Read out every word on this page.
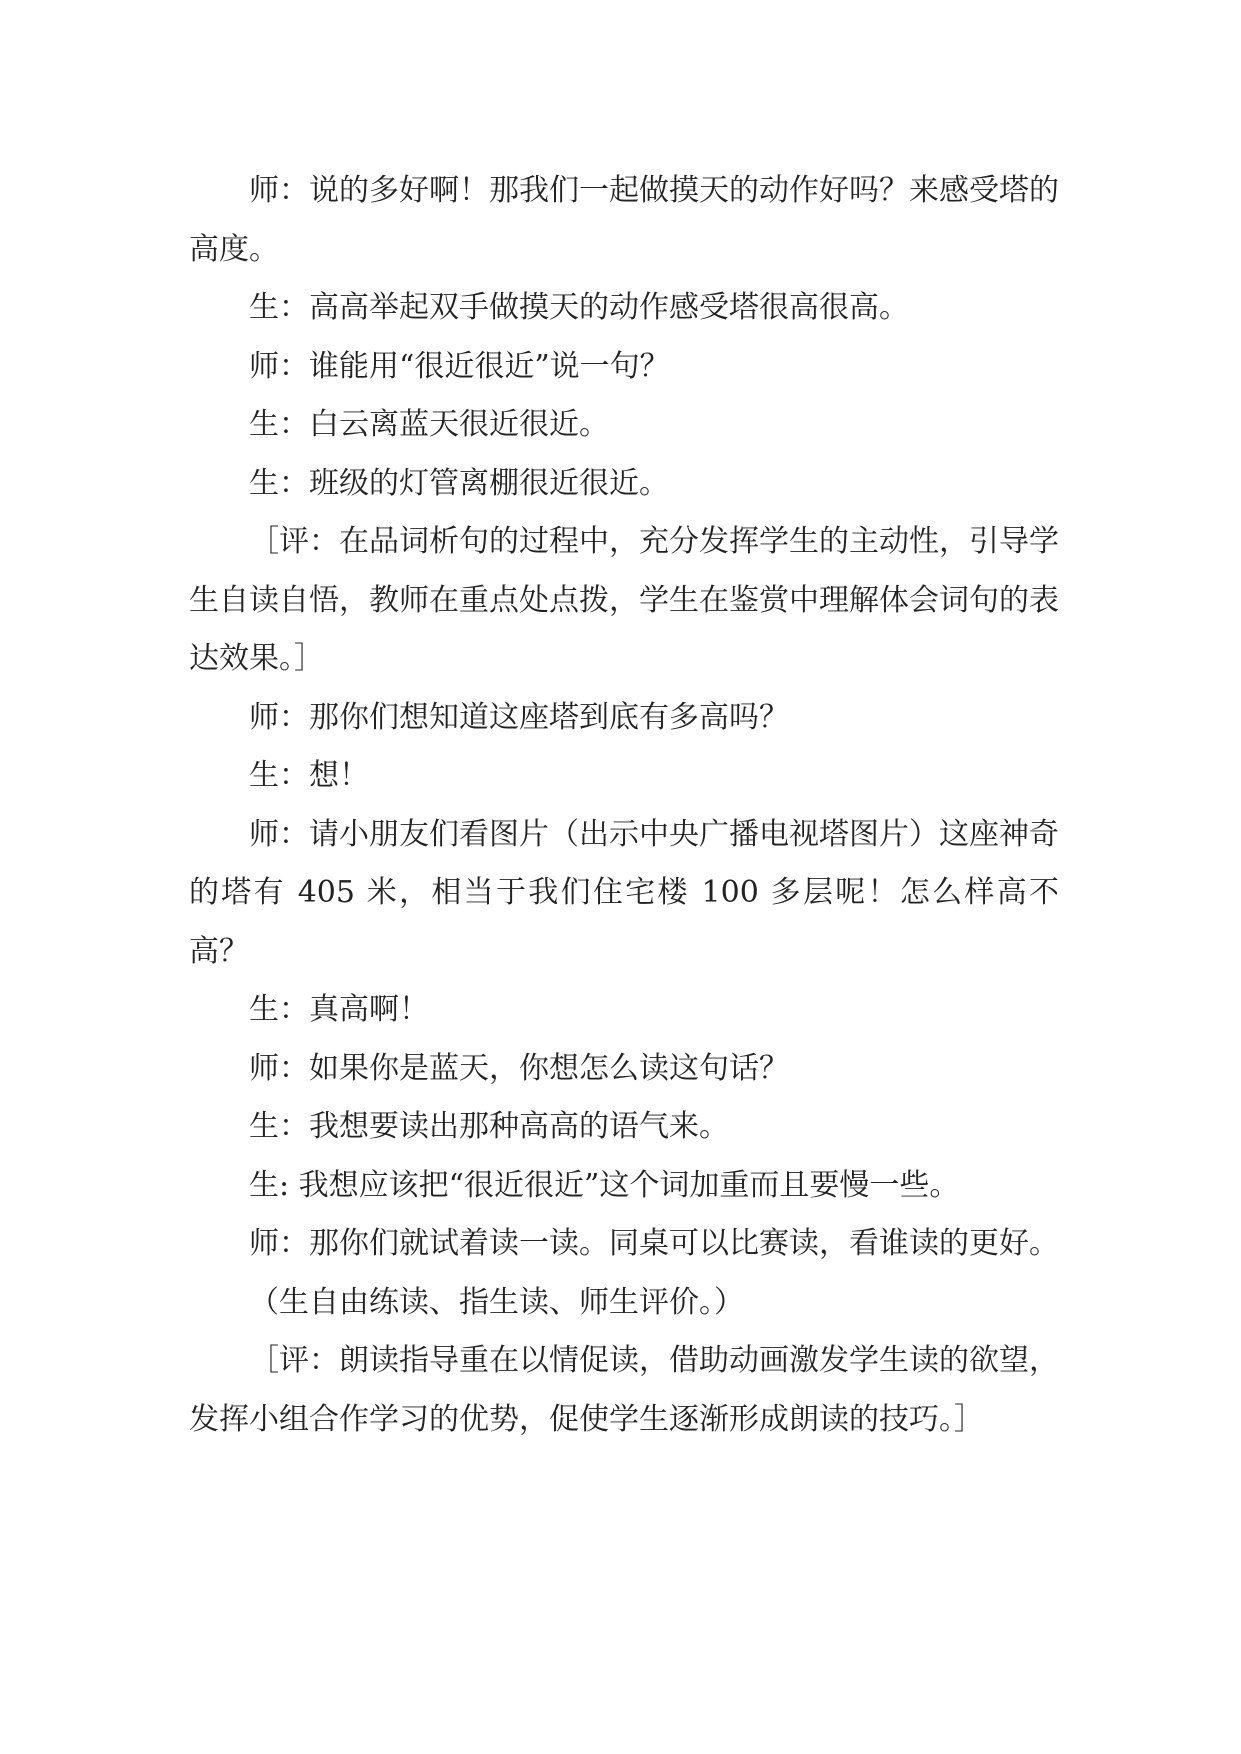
师：说的多好啊！那我们一起做摸天的动作好吗？来感受塔的高度。

生：高高举起双手做摸天的动作感受塔很高很高。

师：谁能用“很近很近”说一句？

生：白云离蓝天很近很近。

生：班级的灯管离棚很近很近。

［评：在品词析句的过程中，充分发挥学生的主动性，引导学生自读自悟，教师在重点处点拨，学生在鉴赏中理解体会词句的表达效果。］

师：那你们想知道这座塔到底有多高吗？

生：想！

师：请小朋友们看图片（出示中央广播电视塔图片）这座神奇的塔有 405 米，相当于我们住宅楼 100 多层呢！怎么样高不高？

生：真高啊！

师：如果你是蓝天，你想怎么读这句话？

生：我想要读出那种高高的语气来。

生: 我想应该把“很近很近”这个词加重而且要慢一些。

师：那你们就试着读一读。同桌可以比赛读，看谁读的更好。

（生自由练读、指生读、师生评价。）

［评：朗读指导重在以情促读，借助动画激发学生读的欲望，发挥小组合作学习的优势，促使学生逐渐形成朗读的技巧。］
